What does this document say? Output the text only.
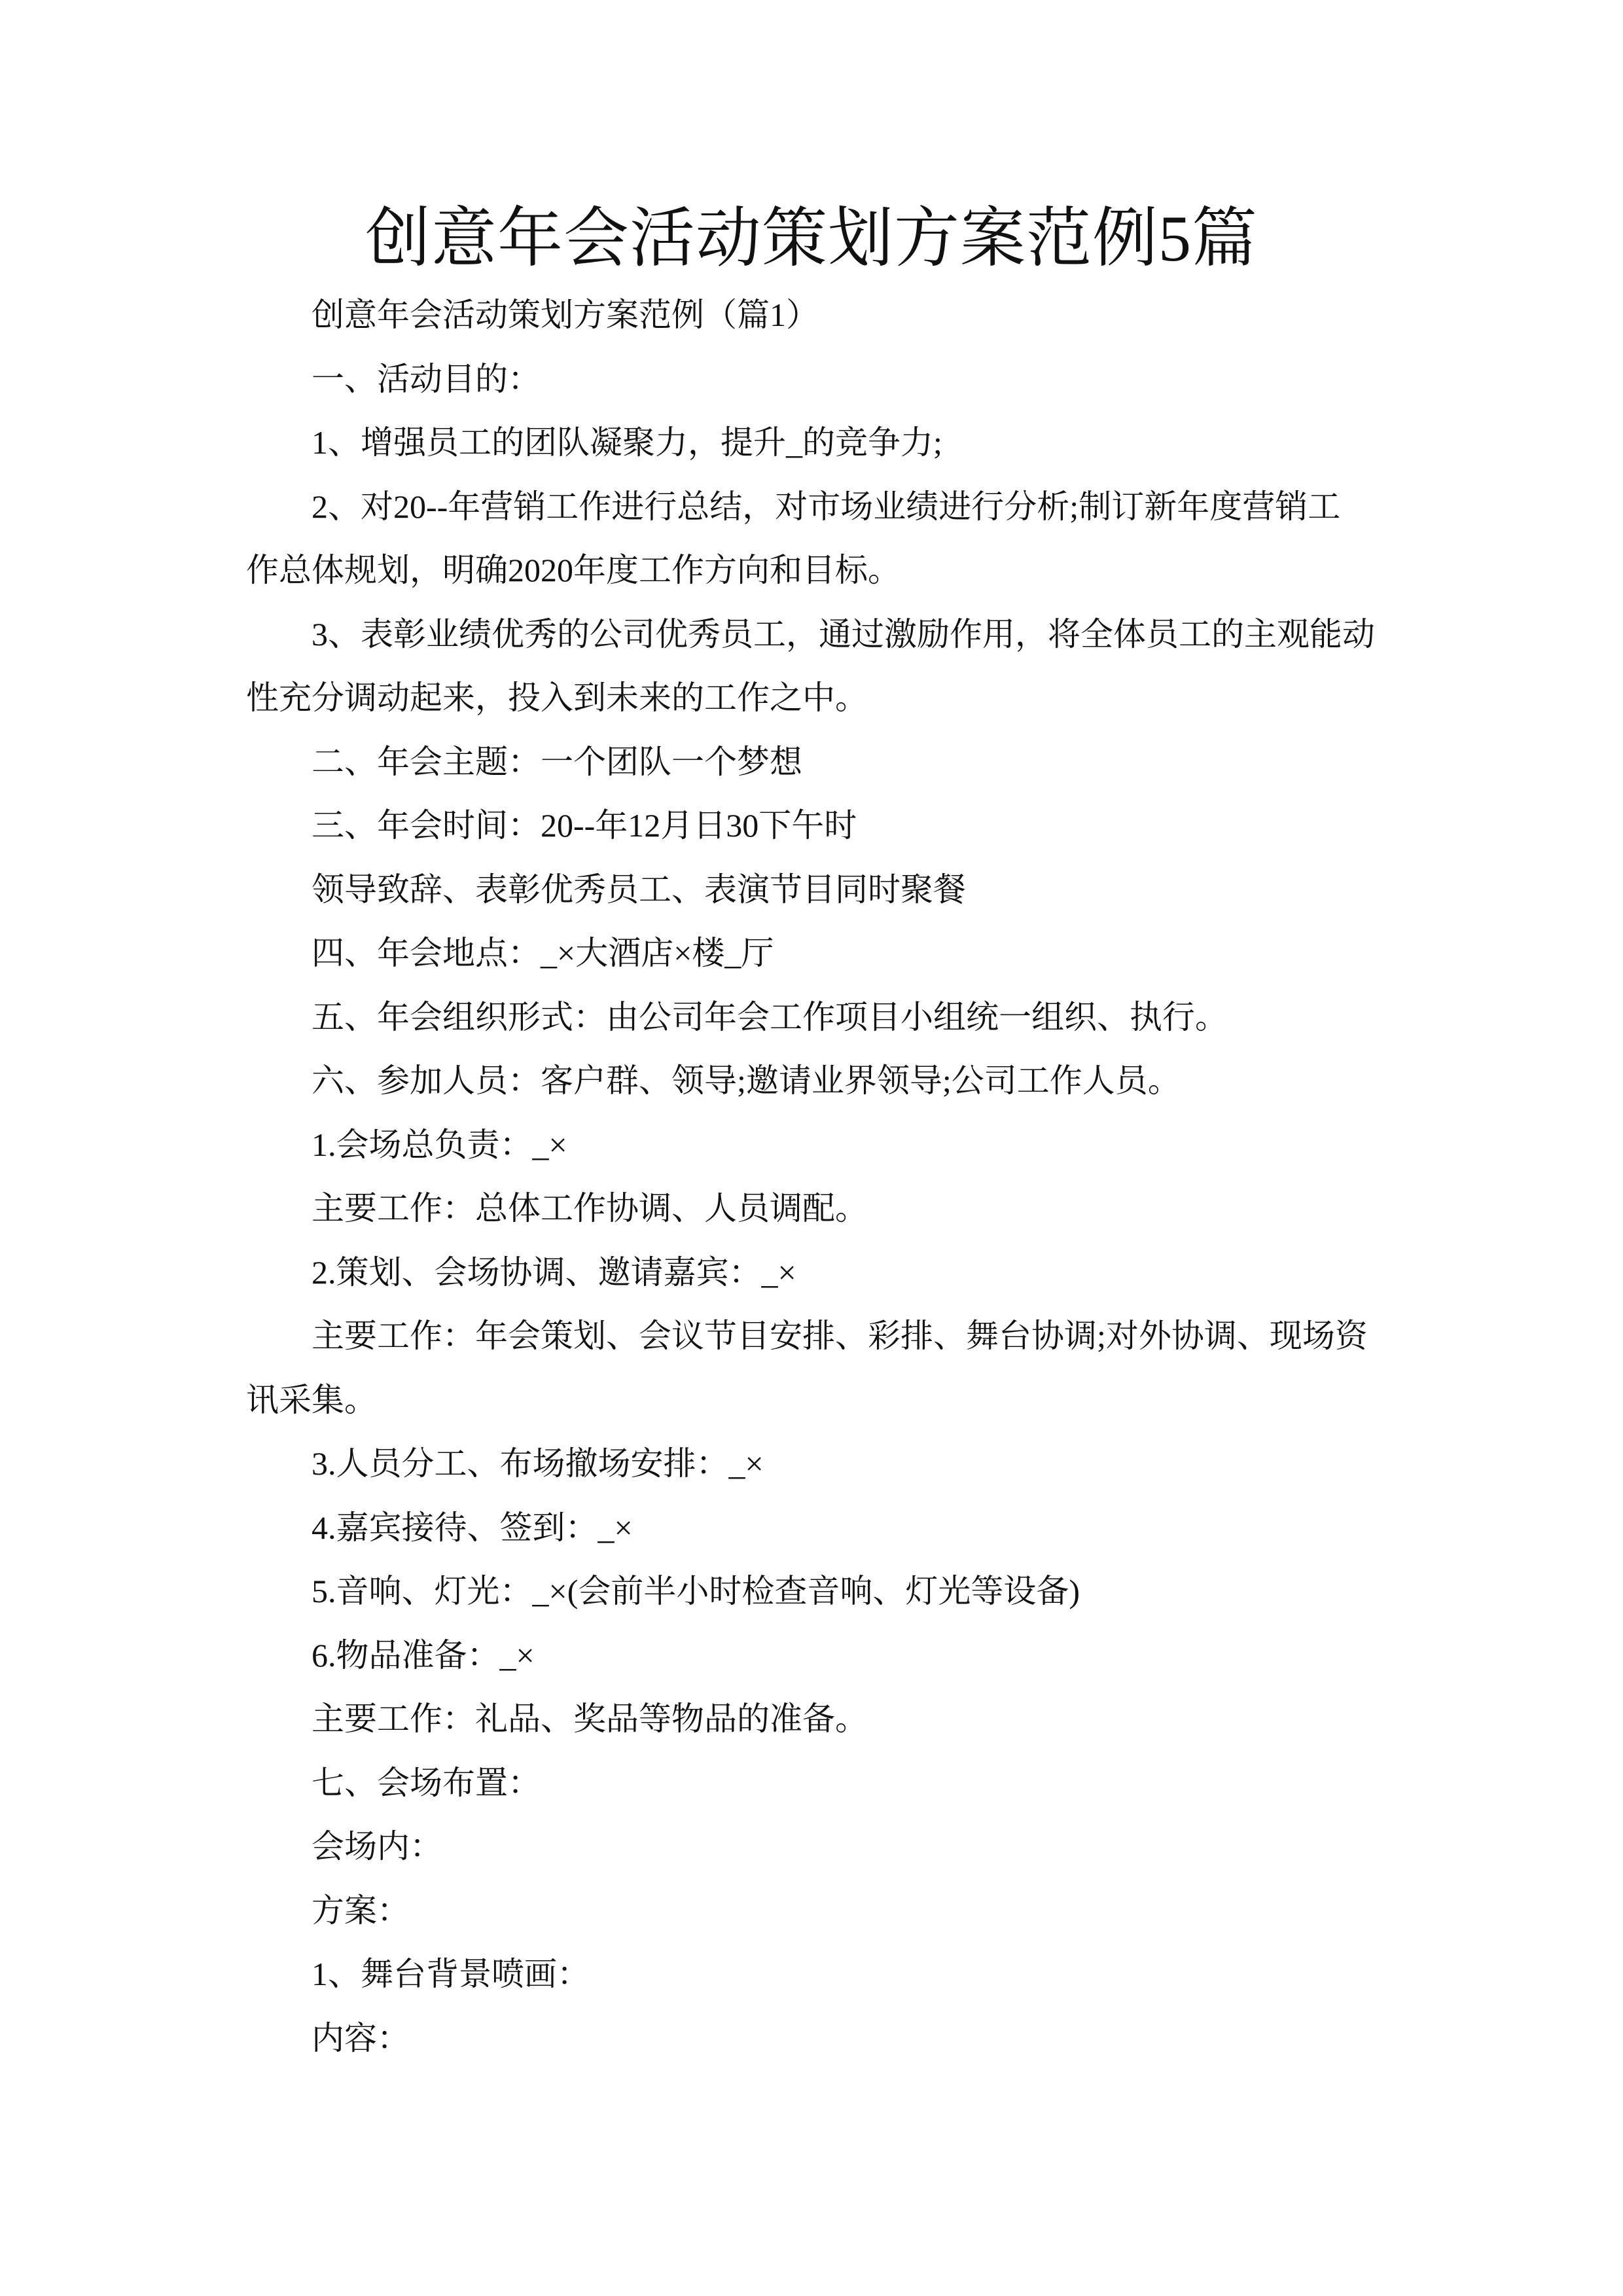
创意年会活动策划方案范例5篇
创意年会活动策划方案范例（篇1）
一、活动目的：
1、增强员工的团队凝聚力，提升_的竞争力;
2、对20--年营销工作进行总结，对市场业绩进行分析;制订新年度营销工
作总体规划，明确2020年度工作方向和目标。
3、表彰业绩优秀的公司优秀员工，通过激励作用，将全体员工的主观能动
性充分调动起来，投入到未来的工作之中。
二、年会主题：一个团队一个梦想
三、年会时间：20--年12月日30下午时
领导致辞、表彰优秀员工、表演节目同时聚餐
四、年会地点：_×大酒店×楼_厅
五、年会组织形式：由公司年会工作项目小组统一组织、执行。
六、参加人员：客户群、领导;邀请业界领导;公司工作人员。
1.会场总负责：_×
主要工作：总体工作协调、人员调配。
2.策划、会场协调、邀请嘉宾：_×
主要工作：年会策划、会议节目安排、彩排、舞台协调;对外协调、现场资
讯采集。
3.人员分工、布场撤场安排：_×
4.嘉宾接待、签到：_×
5.音响、灯光：_×(会前半小时检查音响、灯光等设备)
6.物品准备：_×
主要工作：礼品、奖品等物品的准备。
七、会场布置：
会场内：
方案：
1、舞台背景喷画：
内容：
